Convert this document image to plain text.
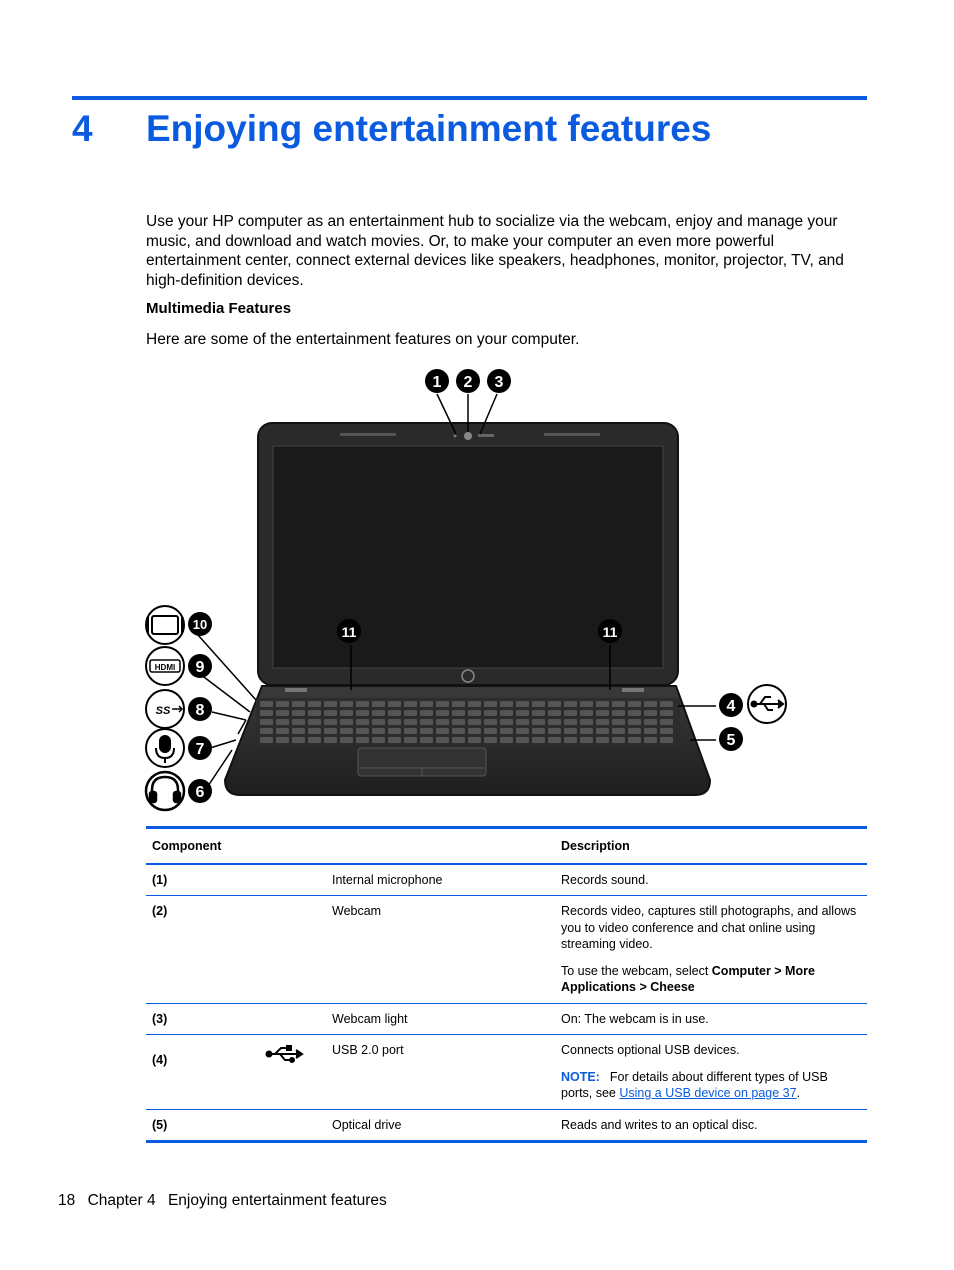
4 Enjoying entertainment features
Use your HP computer as an entertainment hub to socialize via the webcam, enjoy and manage your music, and download and watch movies. Or, to make your computer an even more powerful entertainment center, connect external devices like speakers, headphones, monitor, projector, TV, and high-definition devices.
Multimedia Features
Here are some of the entertainment features on your computer.
1 2 3
11	11
4
5
10
9
8
7
6
HDMI
SS
Component		Description
(1)	Internal microphone	Records sound.
(2)	Webcam	Records video, captures still photographs, and allows you to video conference and chat online using streaming video.

To use the webcam, select Computer > More Applications > Cheese

(3)	Webcam light	On: The webcam is in use.
(4)	USB 2.0 port	Connects optional USB devices.

NOTE: For details about different types of USB ports, see Using a USB device on page 37.

(5)	Optical drive	Reads and writes to an optical disc.
18 Chapter 4 Enjoying entertainment features
